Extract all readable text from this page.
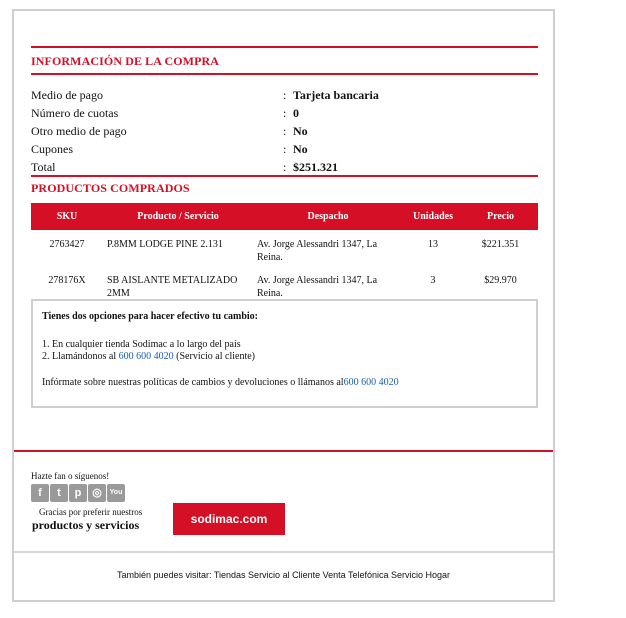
INFORMACIÓN DE LA COMPRA
Medio de pago	: Tarjeta bancaria
Número de cuotas	: 0
Otro medio de pago	: No
Cupones	: No
Total	: $251.321
PRODUCTOS COMPRADOS
SKU	Producto / Servicio	Despacho	Unidades	Precio
2763427	P.8MM LODGE PINE 2.131	Av. Jorge Alessandri 1347, La Reina.	13	$221.351
278176X	SB AISLANTE METALIZADO 2MM	Av. Jorge Alessandri 1347, La Reina.	3	$29.970
Tienes dos opciones para hacer efectivo tu cambio:
1. En cualquier tienda Sodimac a lo largo del país
2. Llamándonos al 600 600 4020 (Servicio al cliente)
Infórmate sobre nuestras políticas de cambios y devoluciones o llámanos al600 600 4020
Hazte fan o síguenos!
f	t	p ◎	You
Gracias por preferir nuestros
productos y servicios	sodimac.com
También puedes visitar: Tiendas Servicio al Cliente Venta Telefónica Servicio Hogar
